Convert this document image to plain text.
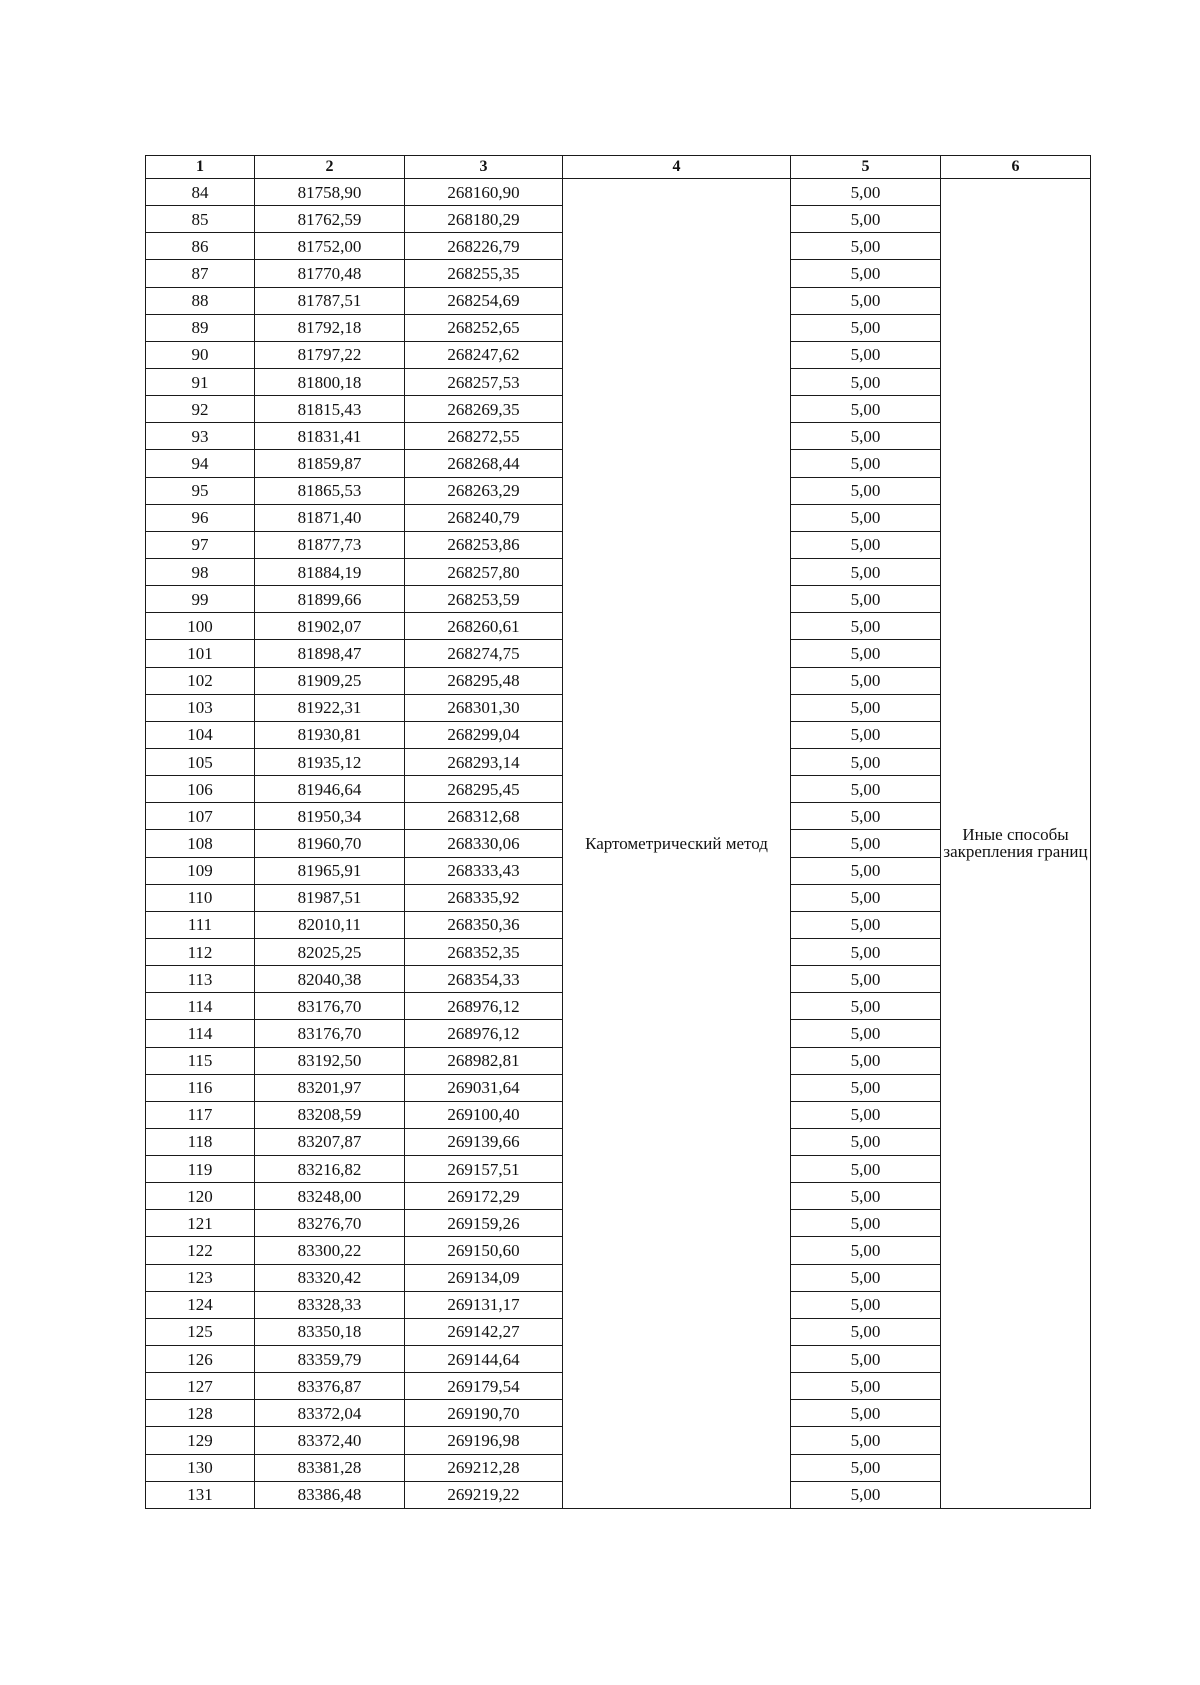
1	2	3	4	5	6
84	81758,90	268160,90	Картометрический метод	5,00	Иные способы закрепления границ
85	81762,59	268180,29		5,00	
86	81752,00	268226,79		5,00	
87	81770,48	268255,35		5,00	
88	81787,51	268254,69		5,00	
89	81792,18	268252,65		5,00	
90	81797,22	268247,62		5,00	
91	81800,18	268257,53		5,00	
92	81815,43	268269,35		5,00	
93	81831,41	268272,55		5,00	
94	81859,87	268268,44		5,00	
95	81865,53	268263,29		5,00	
96	81871,40	268240,79		5,00	
97	81877,73	268253,86		5,00	
98	81884,19	268257,80		5,00	
99	81899,66	268253,59		5,00	
100	81902,07	268260,61		5,00	
101	81898,47	268274,75		5,00	
102	81909,25	268295,48		5,00	
103	81922,31	268301,30		5,00	
104	81930,81	268299,04		5,00	
105	81935,12	268293,14		5,00	
106	81946,64	268295,45		5,00	
107	81950,34	268312,68		5,00	
108	81960,70	268330,06		5,00	
109	81965,91	268333,43		5,00	
110	81987,51	268335,92		5,00	
111	82010,11	268350,36		5,00	
112	82025,25	268352,35		5,00	
113	82040,38	268354,33		5,00	
114	83176,70	268976,12		5,00	
114	83176,70	268976,12		5,00	
115	83192,50	268982,81		5,00	
116	83201,97	269031,64		5,00	
117	83208,59	269100,40		5,00	
118	83207,87	269139,66		5,00	
119	83216,82	269157,51		5,00	
120	83248,00	269172,29		5,00	
121	83276,70	269159,26		5,00	
122	83300,22	269150,60		5,00	
123	83320,42	269134,09		5,00	
124	83328,33	269131,17		5,00	
125	83350,18	269142,27		5,00	
126	83359,79	269144,64		5,00	
127	83376,87	269179,54		5,00	
128	83372,04	269190,70		5,00	
129	83372,40	269196,98		5,00	
130	83381,28	269212,28		5,00	
131	83386,48	269219,22		5,00	
